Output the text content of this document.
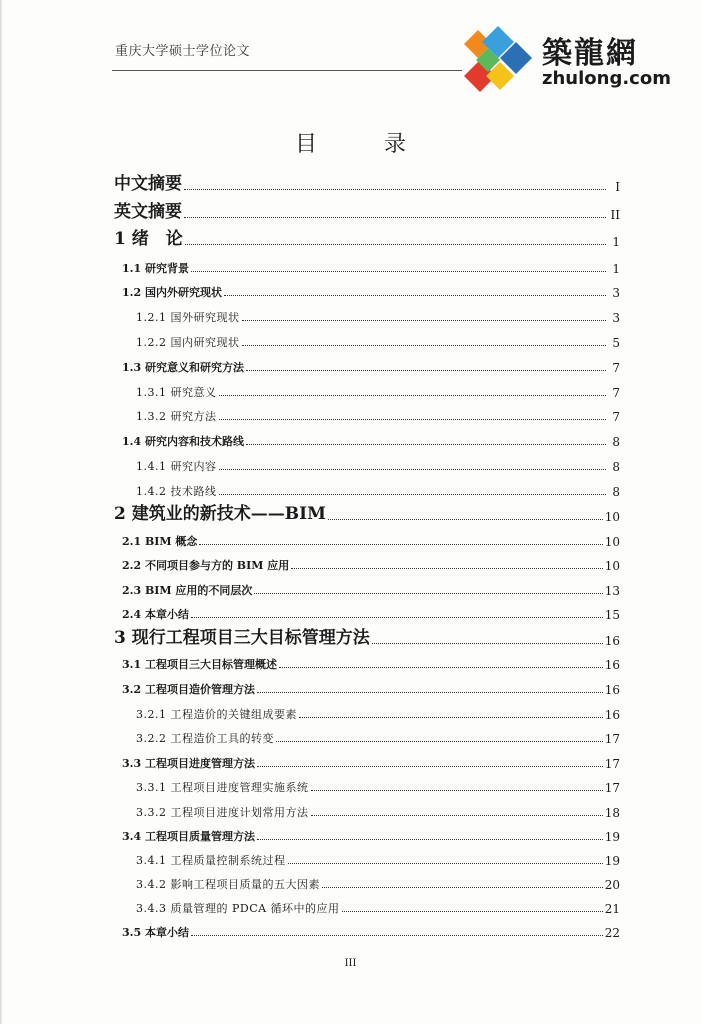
重庆大学硕士学位论文	築龍網
zhulong.com
目 录
中文摘要	I
英文摘要	II
1 绪　论	1
1.1 研究背景	1
1.2 国内外研究现状	3
1.2.1 国外研究现状	3
1.2.2 国内研究现状	5
1.3 研究意义和研究方法	7
1.3.1 研究意义	7
1.3.2 研究方法	7
1.4 研究内容和技术路线	8
1.4.1 研究内容	8
1.4.2 技术路线	8
2 建筑业的新技术——BIM	10
2.1 BIM 概念	10
2.2 不同项目参与方的 BIM 应用	10
2.3 BIM 应用的不同层次	13
2.4 本章小结	15
3 现行工程项目三大目标管理方法	16
3.1 工程项目三大目标管理概述	16
3.2 工程项目造价管理方法	16
3.2.1 工程造价的关键组成要素	16
3.2.2 工程造价工具的转变	17
3.3 工程项目进度管理方法	17
3.3.1 工程项目进度管理实施系统	17
3.3.2 工程项目进度计划常用方法	18
3.4 工程项目质量管理方法	19
3.4.1 工程质量控制系统过程	19
3.4.2 影响工程项目质量的五大因素	20
3.4.3 质量管理的 PDCA 循环中的应用	21
3.5 本章小结	22
III
